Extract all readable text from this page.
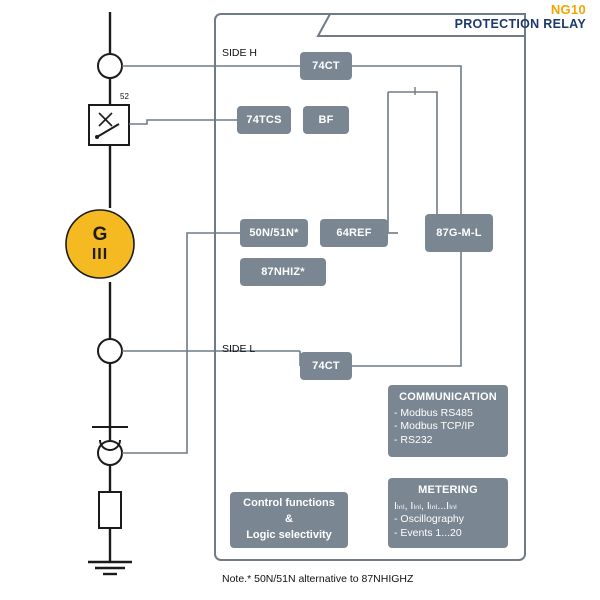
NG10
PROTECTION RELAY
G
III
52
SIDE H
SIDE L
74CT
74TCS	BF
50N/51N*	64REF	87G-M-L
87NHIZ*
74CT
COMMUNICATION
- Modbus RS485
- Modbus TCP/IP
- RS232
METERING
Iₗₙₗ, Iₗₙₗ, Iₗₙₗ...Iₗₙₗ
- Oscillography
- Events 1...20
Control functions
&
Logic selectivity
Note.* 50N/51N alternative to 87NHIGHZ
